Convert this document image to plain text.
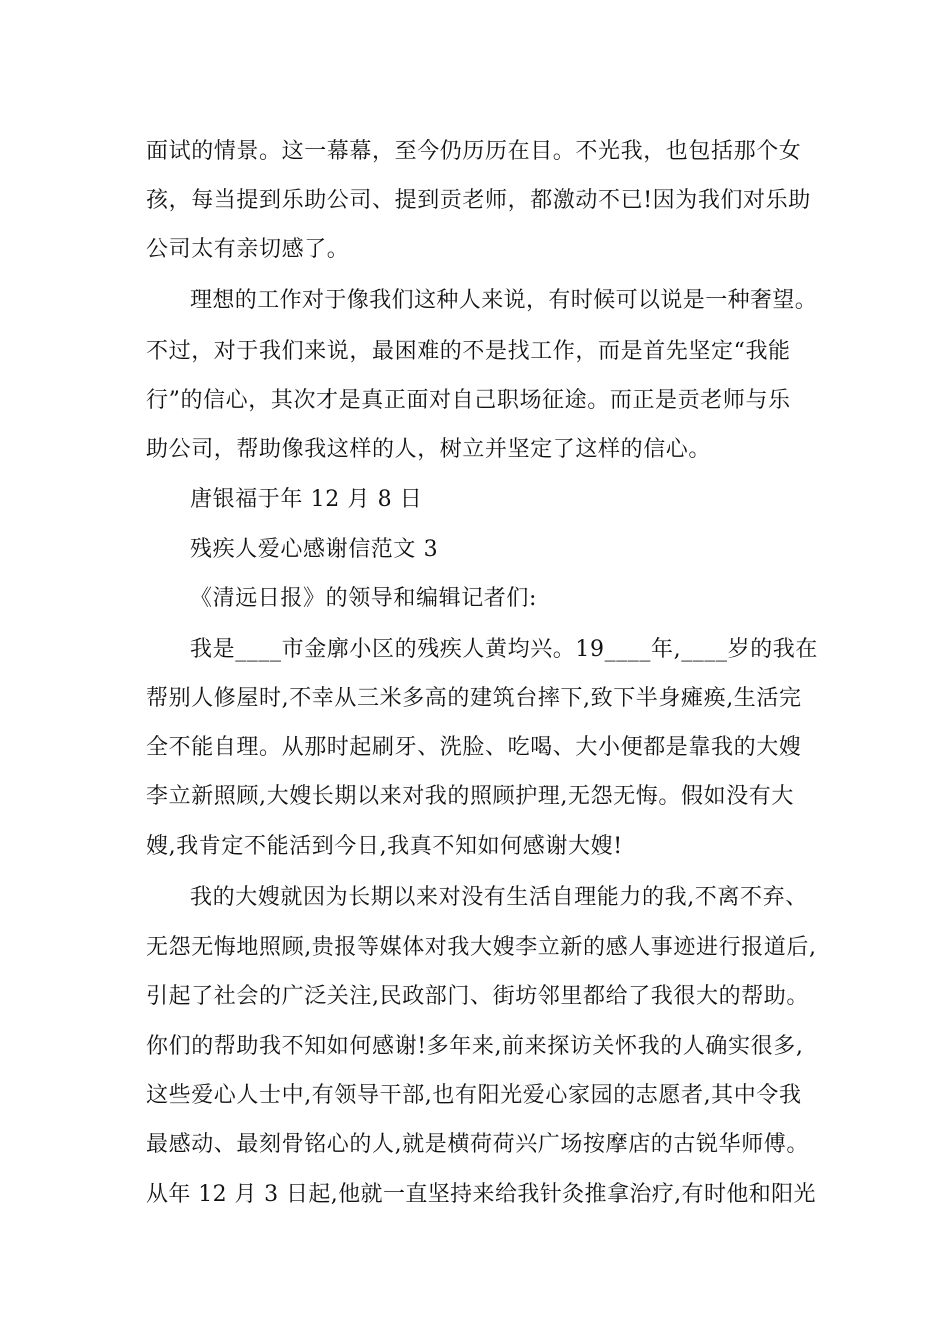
面试的情景。这一幕幕，至今仍历历在目。不光我，也包括那个女
孩，每当提到乐助公司、提到贡老师，都激动不已!因为我们对乐助
公司太有亲切感了。
理想的工作对于像我们这种人来说，有时候可以说是一种奢望。
不过，对于我们来说，最困难的不是找工作，而是首先坚定“我能
行”的信心，其次才是真正面对自己职场征途。而正是贡老师与乐
助公司，帮助像我这样的人，树立并坚定了这样的信心。
唐银福于年 12 月 8 日
残疾人爱心感谢信范文 3
《清远日报》的领导和编辑记者们:
我是____市金廓小区的残疾人黄均兴。19____年,____岁的我在
帮别人修屋时,不幸从三米多高的建筑台摔下,致下半身瘫痪,生活完
全不能自理。从那时起刷牙、洗脸、吃喝、大小便都是靠我的大嫂
李立新照顾,大嫂长期以来对我的照顾护理,无怨无悔。假如没有大
嫂,我肯定不能活到今日,我真不知如何感谢大嫂!
我的大嫂就因为长期以来对没有生活自理能力的我,不离不弃、
无怨无悔地照顾,贵报等媒体对我大嫂李立新的感人事迹进行报道后,
引起了社会的广泛关注,民政部门、街坊邻里都给了我很大的帮助。
你们的帮助我不知如何感谢!多年来,前来探访关怀我的人确实很多,
这些爱心人士中,有领导干部,也有阳光爱心家园的志愿者,其中令我
最感动、最刻骨铭心的人,就是横荷荷兴广场按摩店的古锐华师傅。
从年 12 月 3 日起,他就一直坚持来给我针灸推拿治疗,有时他和阳光
